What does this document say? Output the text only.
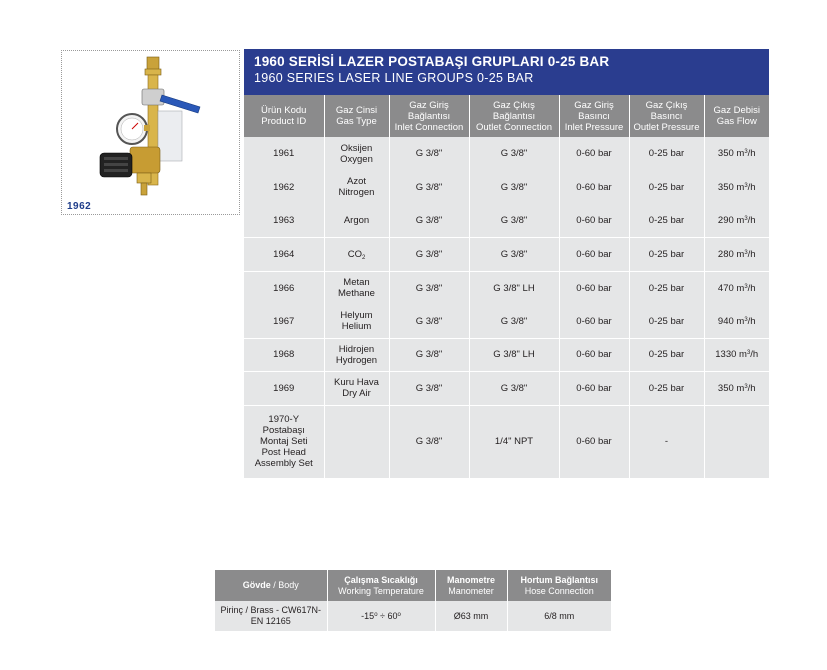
1962
1960 SERİSİ LAZER POSTABAŞI GRUPLARI 0-25 BAR
1960 SERIES LASER LINE GROUPS 0-25 BAR
Ürün Kodu
Product ID	Gaz Cinsi
Gas Type	Gaz Giriş
Bağlantısı
Inlet Connection	Gaz Çıkış
Bağlantısı
Outlet Connection	Gaz Giriş
Basıncı
Inlet Pressure	Gaz Çıkış
Basıncı
Outlet Pressure	Gaz Debisi
Gas Flow

1961	Oksijen
Oxygen	G 3/8"	G 3/8"	0-60 bar	0-25 bar	350 $m^3/h$
1962	Azot
Nitrogen	G 3/8"	G 3/8"	0-60 bar	0-25 bar	350 $m^3/h$
1963	Argon	G 3/8"	G 3/8"	0-60 bar	0-25 bar	290 $m^3/h$
1964	$CO_2$	G 3/8"	G 3/8"	0-60 bar	0-25 bar	280 $m^3/h$
1966	Metan
Methane	G 3/8"	G 3/8" LH	0-60 bar	0-25 bar	470 $m^3/h$
1967	Helyum
Helium	G 3/8"	G 3/8"	0-60 bar	0-25 bar	940 $m^3/h$
1968	Hidrojen
Hydrogen	G 3/8"	G 3/8" LH	0-60 bar	0-25 bar	1330 $m^3/h$
1969	Kuru Hava
Dry Air	G 3/8"	G 3/8"	0-60 bar	0-25 bar	350 $m^3/h$

1970-Y
Postabaşı
Montaj Seti
Post Head
Assembly Set		G 3/8"	1/4" NPT	0-60 bar	-	
Gövde / Body	Çalışma Sıcaklığı
Working Temperature	Manometre
Manometer	Hortum Bağlantısı
Hose Connection

Pirinç / Brass - CW617N-
EN 12165	$-15^o \div 60^o$	Ø63 mm	6/8 mm
